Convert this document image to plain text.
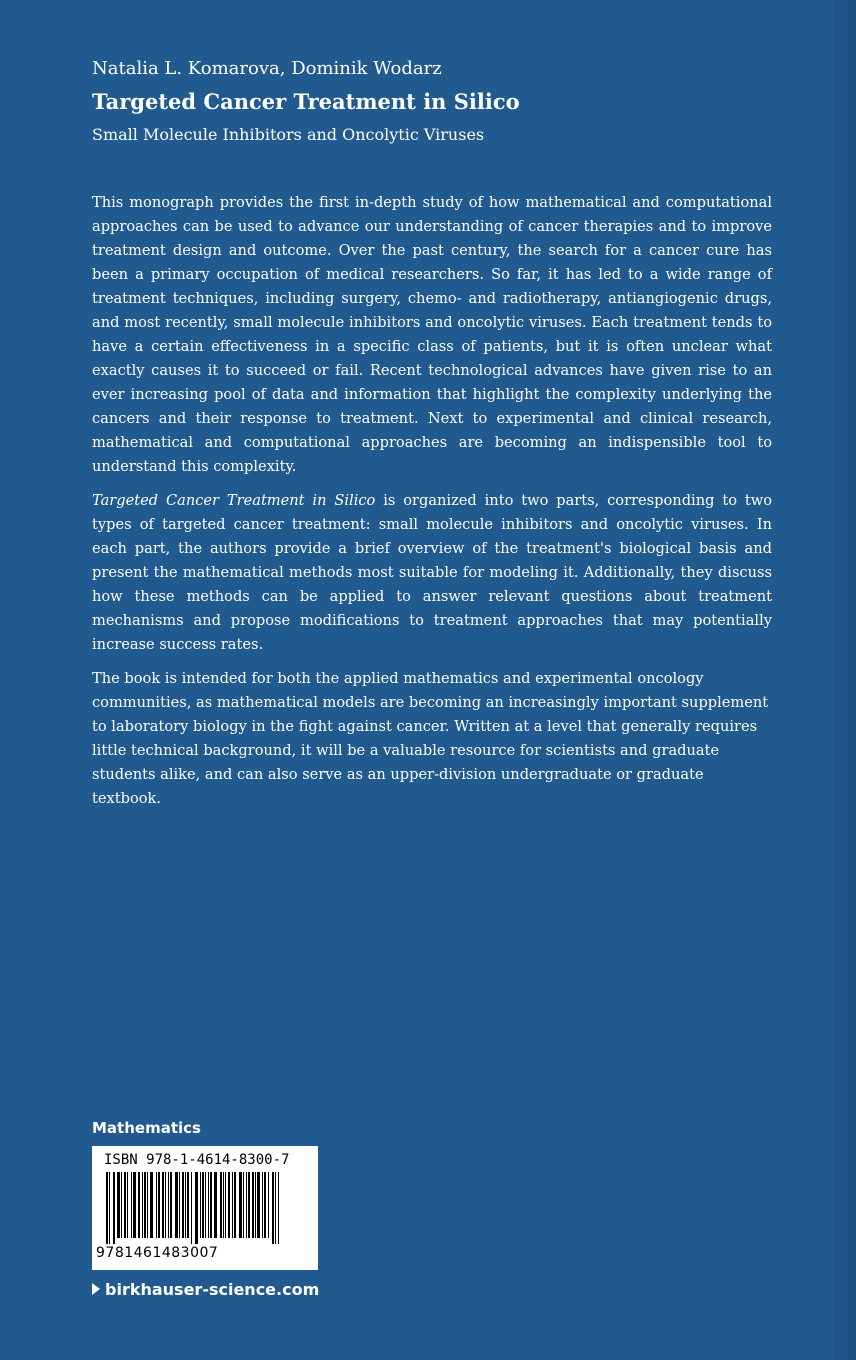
Natalia L. Komarova, Dominik Wodarz
Targeted Cancer Treatment in Silico
Small Molecule Inhibitors and Oncolytic Viruses

This monograph provides the first in-depth study of how mathematical and computational approaches can be used to advance our understanding of cancer therapies and to improve treatment design and outcome. Over the past century, the search for a cancer cure has been a primary occupation of medical researchers. So far, it has led to a wide range of treatment techniques, including surgery, chemo- and radiotherapy, antiangiogenic drugs, and most recently, small molecule inhibitors and oncolytic viruses. Each treatment tends to have a certain effectiveness in a specific class of patients, but it is often unclear what exactly causes it to succeed or fail. Recent technological advances have given rise to an ever increasing pool of data and information that highlight the complexity underlying the cancers and their response to treatment. Next to experimental and clinical research, mathematical and computational approaches are becoming an indispensible tool to understand this complexity.

Targeted Cancer Treatment in Silico is organized into two parts, corresponding to two types of targeted cancer treatment: small molecule inhibitors and oncolytic viruses. In each part, the authors provide a brief overview of the treatment's biological basis and present the mathematical methods most suitable for modeling it. Additionally, they discuss how these methods can be applied to answer relevant questions about treatment mechanisms and propose modifications to treatment approaches that may potentially increase success rates.

The book is intended for both the applied mathematics and experimental oncology communities, as mathematical models are becoming an increasingly important supplement to laboratory biology in the fight against cancer. Written at a level that generally requires little technical background, it will be a valuable resource for scientists and graduate students alike, and can also serve as an upper-division undergraduate or graduate textbook.

Mathematics
ISBN 978-1-4614-8300-7
9781461483007
birkhauser-science.com
